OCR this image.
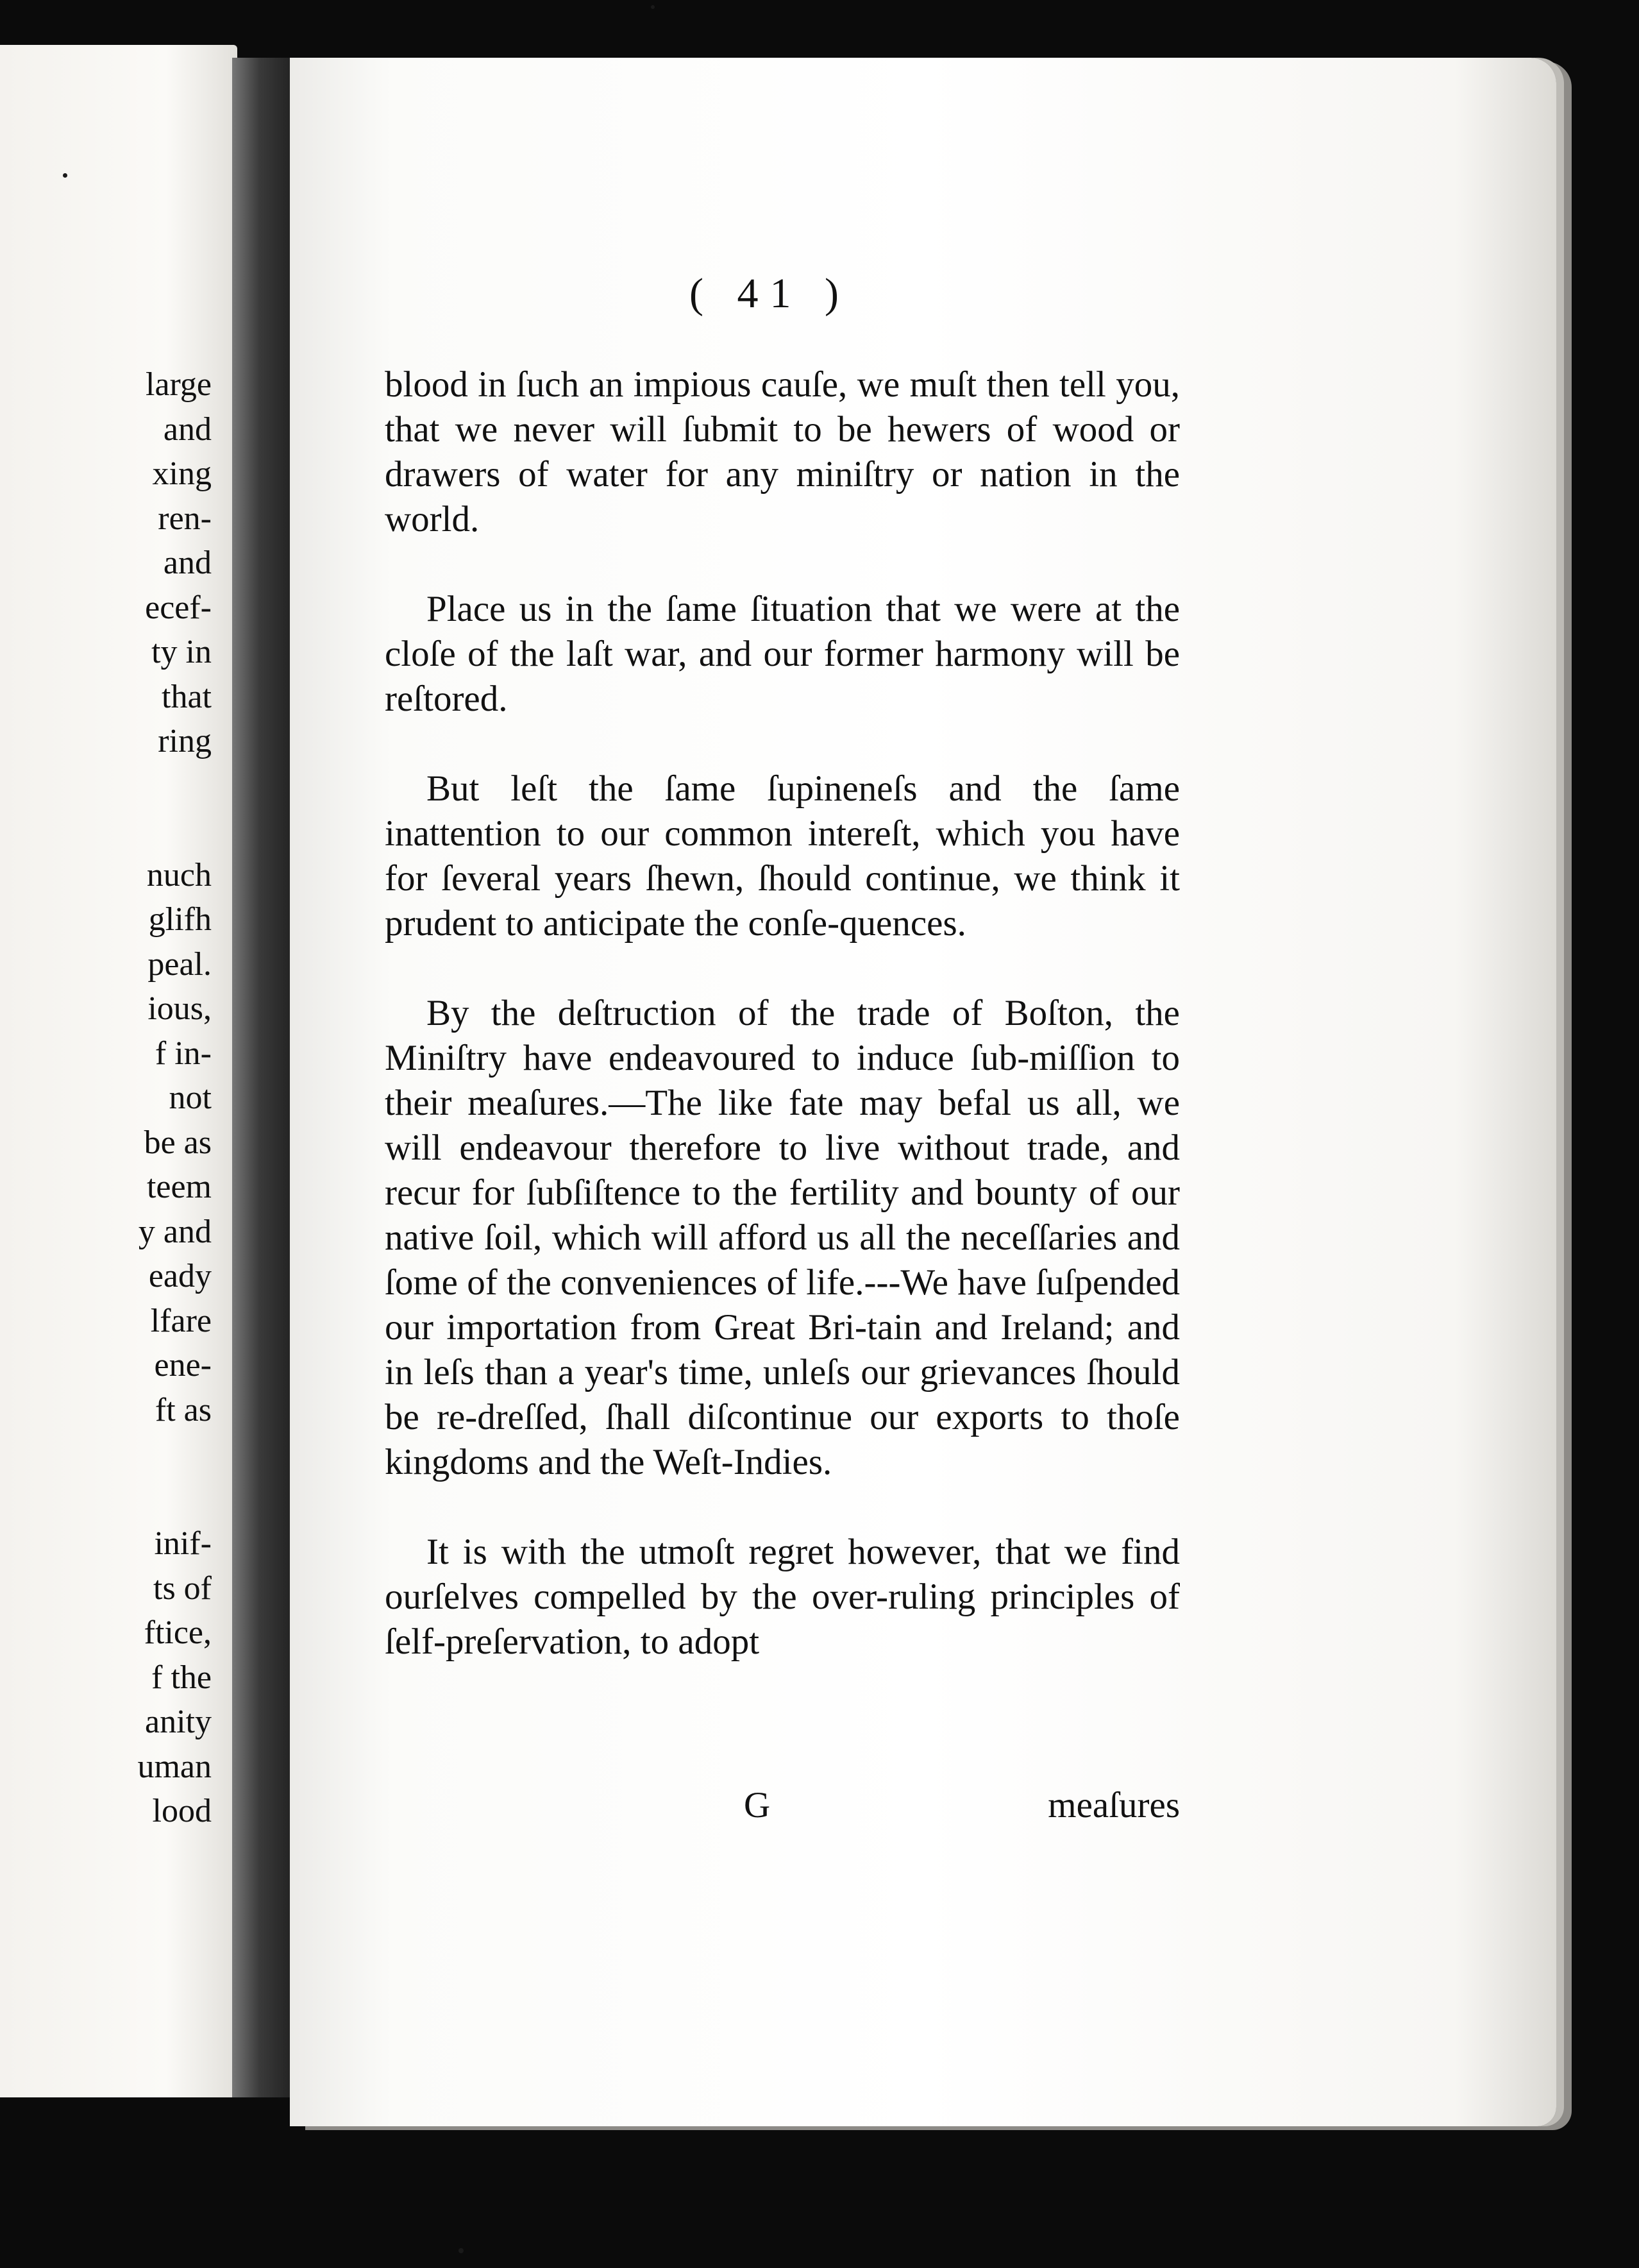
large
and
xing
ren-
and
ecef-
ty in
that
ring
nuch
glifh
peal.
ious,
f in-
not
be as
teem
y and
eady
lfare
ene-
ft as
inif-
ts of
ftice,
f the
anity
uman
lood
( 41 )

blood in ſuch an impious cauſe, we muſt then tell you, that we never will ſubmit to be hewers of wood or drawers of water for any miniſtry or nation in the world.

Place us in the ſame ſituation that we were at the cloſe of the laſt war, and our former harmony will be reſtored.

But leſt the ſame ſupineneſs and the ſame inattention to our common intereſt, which you have for ſeveral years ſhewn, ſhould continue, we think it prudent to anticipate the conſe-quences.

By the deſtruction of the trade of Boſton, the Miniſtry have endeavoured to induce ſub-miſſion to their meaſures.—The like fate may befal us all, we will endeavour therefore to live without trade, and recur for ſubſiſtence to the fertility and bounty of our native ſoil, which will afford us all the neceſſaries and ſome of the conveniences of life.---We have ſuſpended our importation from Great Bri-tain and Ireland; and in leſs than a year's time, unleſs our grievances ſhould be re-dreſſed, ſhall diſcontinue our exports to thoſe kingdoms and the Weſt-Indies.

It is with the utmoſt regret however, that we find ourſelves compelled by the over-ruling principles of ſelf-preſervation, to adopt

G	meaſures
